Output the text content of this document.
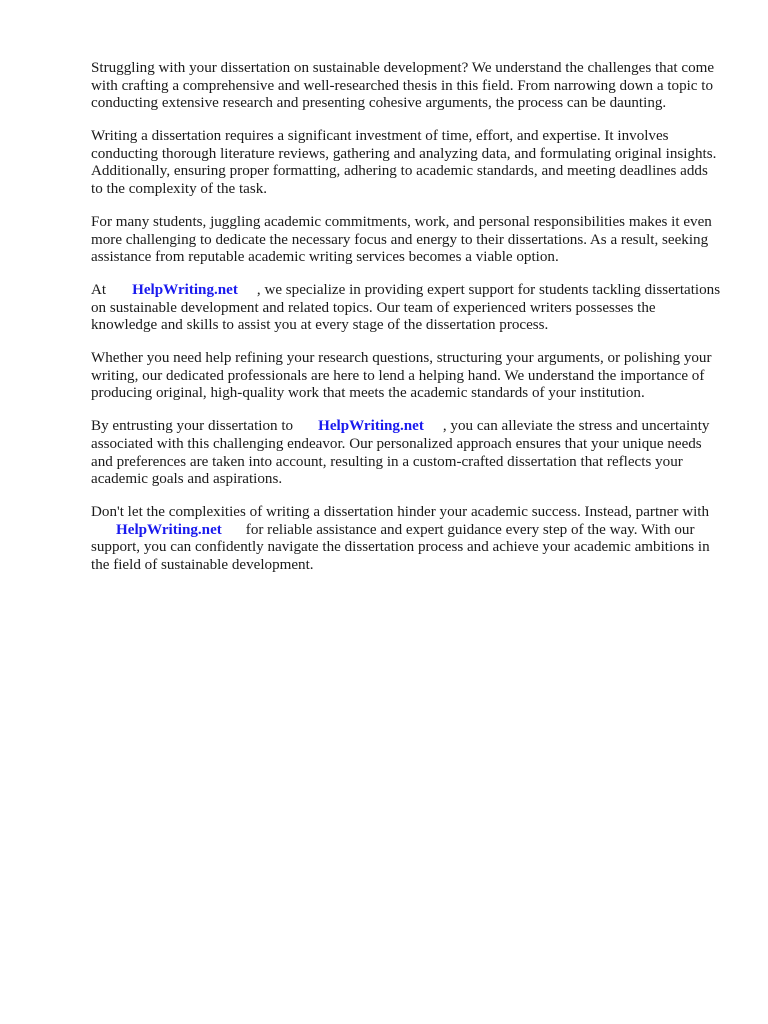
Struggling with your dissertation on sustainable development? We understand the challenges that come with crafting a comprehensive and well-researched thesis in this field. From narrowing down a topic to conducting extensive research and presenting cohesive arguments, the process can be daunting.

Writing a dissertation requires a significant investment of time, effort, and expertise. It involves conducting thorough literature reviews, gathering and analyzing data, and formulating original insights. Additionally, ensuring proper formatting, adhering to academic standards, and meeting deadlines adds to the complexity of the task.

For many students, juggling academic commitments, work, and personal responsibilities makes it even more challenging to dedicate the necessary focus and energy to their dissertations. As a result, seeking assistance from reputable academic writing services becomes a viable option.

At HelpWriting.net , we specialize in providing expert support for students tackling dissertations on sustainable development and related topics. Our team of experienced writers possesses the knowledge and skills to assist you at every stage of the dissertation process.

Whether you need help refining your research questions, structuring your arguments, or polishing your writing, our dedicated professionals are here to lend a helping hand. We understand the importance of producing original, high-quality work that meets the academic standards of your institution.

By entrusting your dissertation to HelpWriting.net , you can alleviate the stress and uncertainty associated with this challenging endeavor. Our personalized approach ensures that your unique needs and preferences are taken into account, resulting in a custom-crafted dissertation that reflects your academic goals and aspirations.

Don't let the complexities of writing a dissertation hinder your academic success. Instead, partner withHelpWriting.net for reliable assistance and expert guidance every step of the way. With our support, you can confidently navigate the dissertation process and achieve your academic ambitions in the field of sustainable development.
